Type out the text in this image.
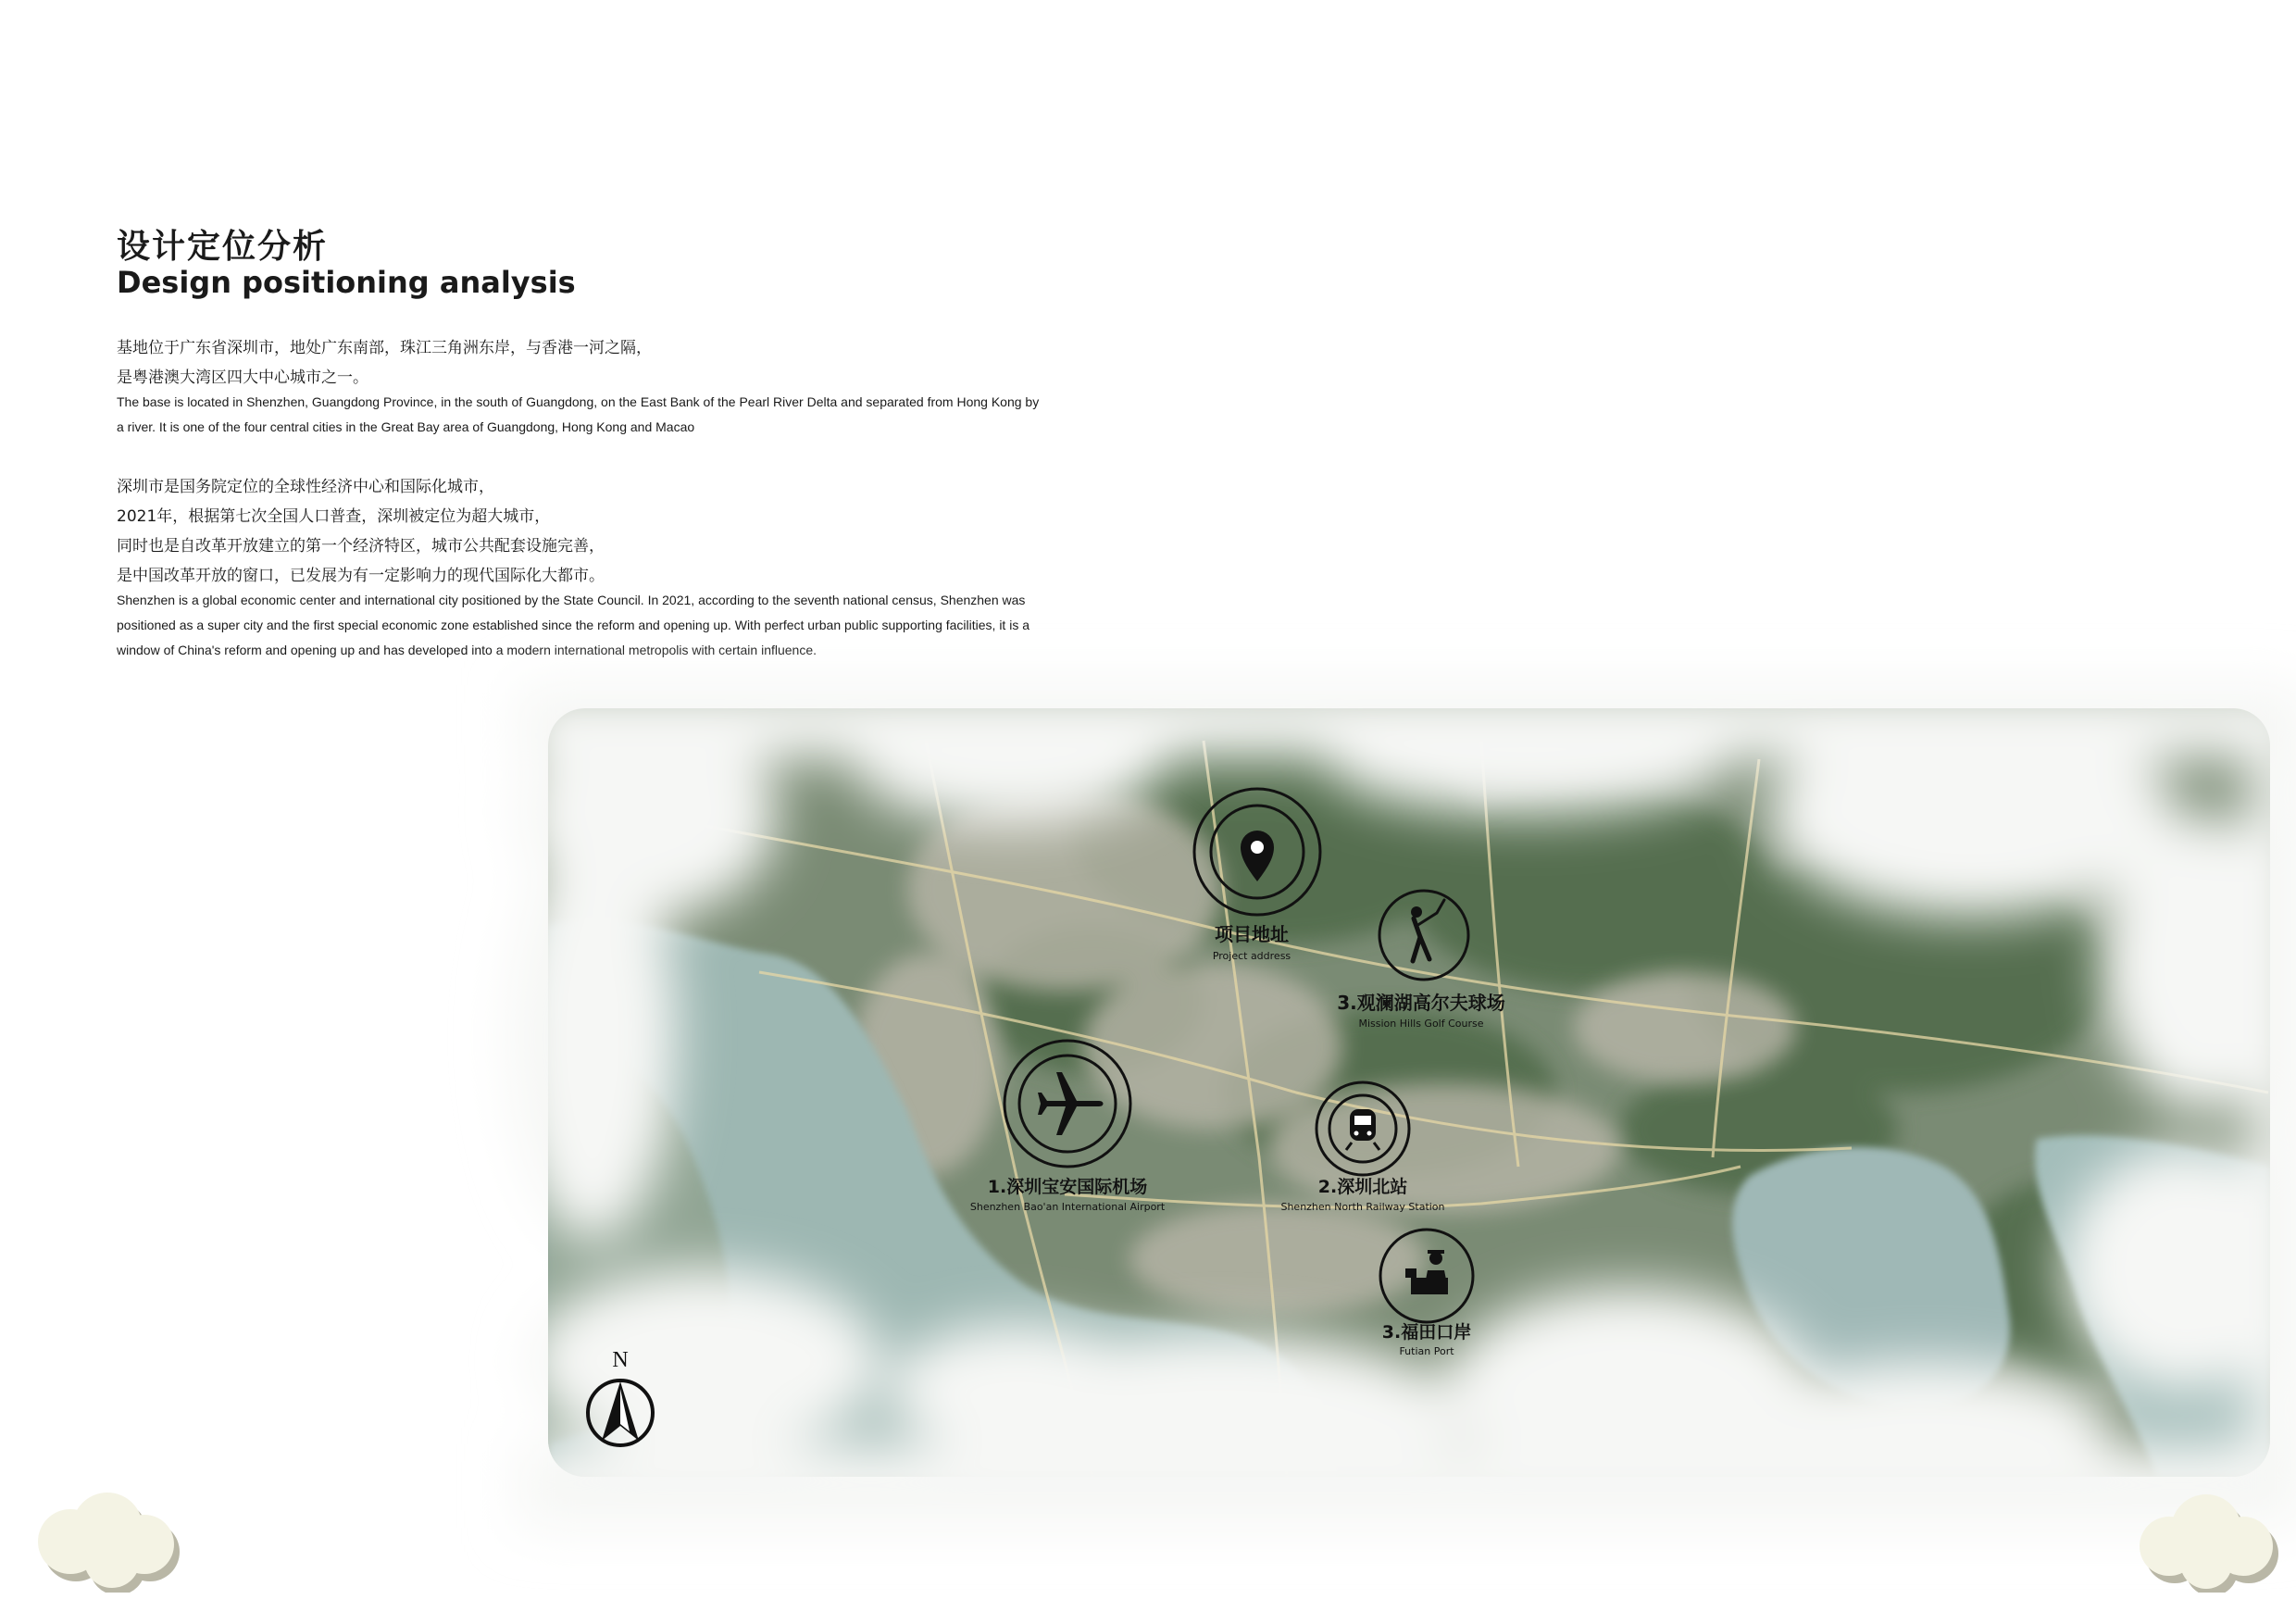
设计定位分析
Design positioning analysis

基地位于广东省深圳市，地处广东南部，珠江三角洲东岸，与香港一河之隔，
是粤港澳大湾区四大中心城市之一。

The base is located in Shenzhen, Guangdong Province, in the south of Guangdong, on the East Bank of the Pearl River Delta and separated from Hong Kong by a river. It is one of the four central cities in the Great Bay area of Guangdong, Hong Kong and Macao

深圳市是国务院定位的全球性经济中心和国际化城市，
2021年，根据第七次全国人口普查，深圳被定位为超大城市，
同时也是自改革开放建立的第一个经济特区，城市公共配套设施完善，
是中国改革开放的窗口，已发展为有一定影响力的现代国际化大都市。

Shenzhen is a global economic center and international city positioned by the State Council. In 2021, according to the seventh national census, Shenzhen was positioned as a super city and the first special economic zone established since the reform and opening up. With perfect urban public supporting facilities, it is a window of China's reform and opening up and has developed into a modern international metropolis with certain influence.

项目地址
Project address
3.观澜湖高尔夫球场
Mission Hills Golf Course
1.深圳宝安国际机场
Shenzhen Bao'an International Airport
2.深圳北站
Shenzhen North Railway Station
3.福田口岸
Futian Port
N
